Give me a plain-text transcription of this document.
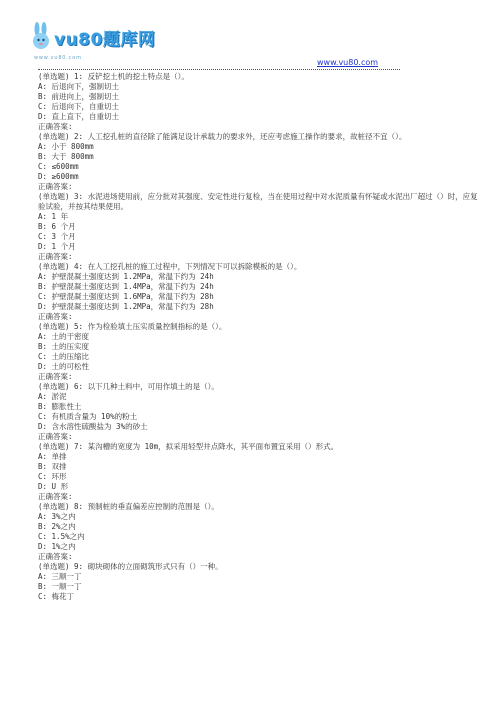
vu80题库网
www.vu80.com	www.vu80.com
(单选题) 1: 反铲挖土机的挖土特点是（）。
A: 后退向下，强制切土
B: 前进向上，强制切土
C: 后退向下，自重切土
D: 直上直下，自重切土
正确答案:
(单选题) 2: 人工挖孔桩的直径除了能满足设计承载力的要求外，还应考虑施工操作的要求，故桩径不宜（）。
A: 小于 800mm
B: 大于 800mm
C: ≤600mm
D: ≥600mm
正确答案:
(单选题) 3: 水泥进场使用前，应分批对其强度、安定性进行复检，当在使用过程中对水泥质量有怀疑或水泥出厂超过（）时，应复验试验，并按其结果使用。
A: 1 年
B: 6 个月
C: 3 个月
D: 1 个月
正确答案:
(单选题) 4: 在人工挖孔桩的施工过程中，下列情况下可以拆除模板的是（）。
A: 护壁混凝土强度达到 1.2MPa，常温下约为 24h
B: 护壁混凝土强度达到 1.4MPa，常温下约为 24h
C: 护壁混凝土强度达到 1.6MPa，常温下约为 28h
D: 护壁混凝土强度达到 1.2MPa，常温下约为 28h
正确答案:
(单选题) 5: 作为检验填土压实质量控制指标的是（）。
A: 土的干密度
B: 土的压实度
C: 土的压缩比
D: 土的可松性
正确答案:
(单选题) 6: 以下几种土料中，可用作填土的是（）。
A: 淤泥
B: 膨胀性土
C: 有机质含量为 10%的粉土
D: 含水溶性硫酸盐为 3%的砂土
正确答案:
(单选题) 7: 某沟槽的宽度为 10m，拟采用轻型井点降水，其平面布置宜采用（）形式。
A: 单排
B: 双排
C: 环形
D: U 形
正确答案:
(单选题) 8: 预制桩的垂直偏差应控制的范围是（）。
A: 3%之内
B: 2%之内
C: 1.5%之内
D: 1%之内
正确答案:
(单选题) 9: 砌块砌体的立面砌筑形式只有（）一种。
A: 三顺一丁
B: 一顺一丁
C: 梅花丁
